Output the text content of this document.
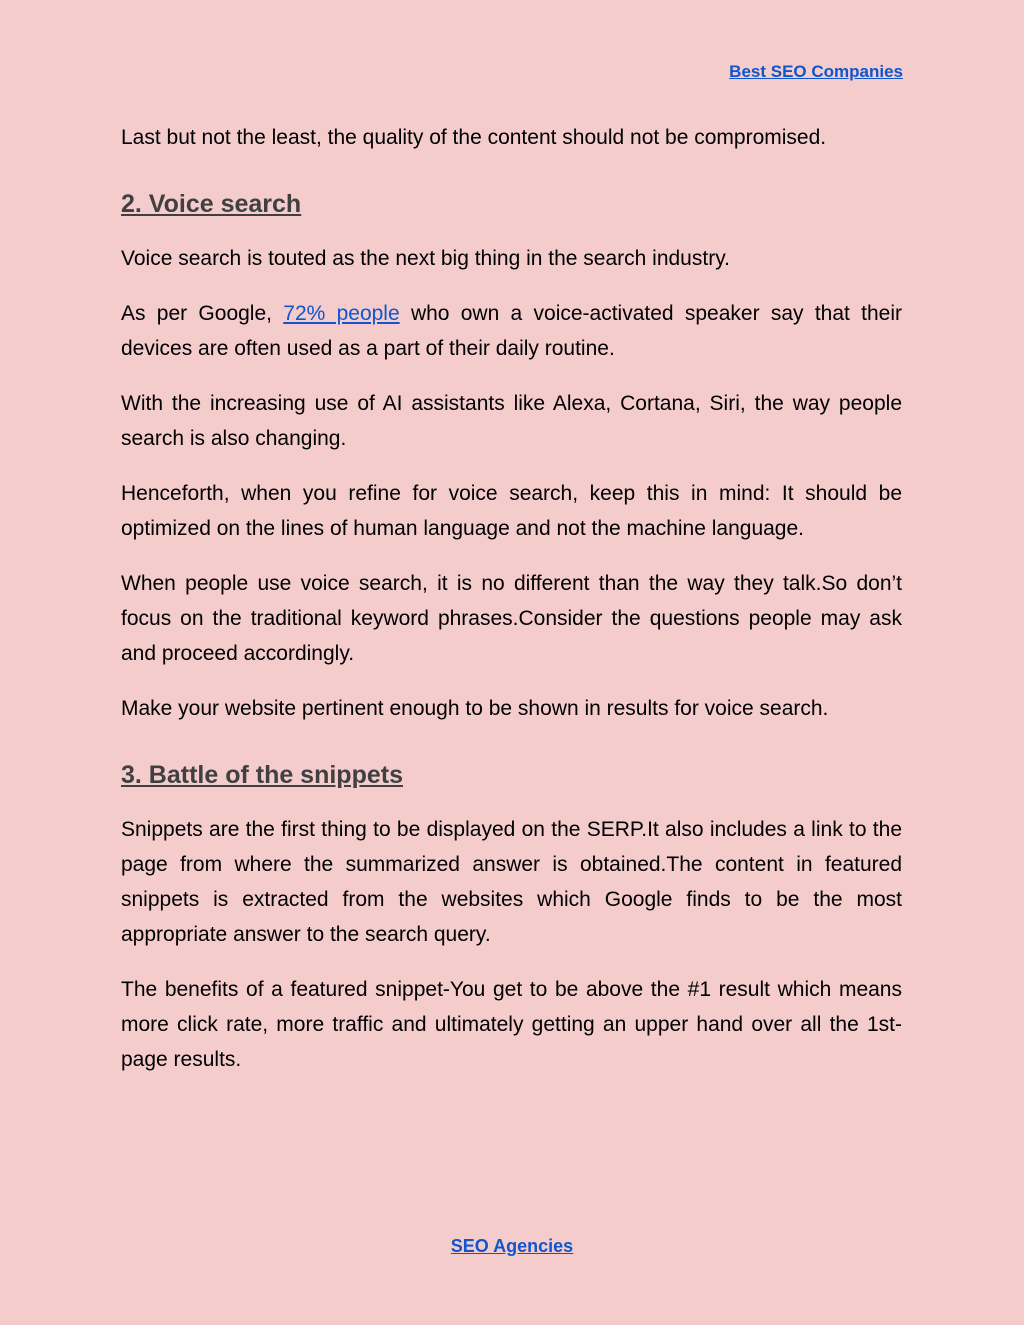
Best SEO Companies

Last but not the least, the quality of the content should not be compromised.

2. Voice search

Voice search is touted as the next big thing in the search industry.

As per Google, 72% people who own a voice-activated speaker say that their devices are often used as a part of their daily routine.

With the increasing use of AI assistants like Alexa, Cortana, Siri, the way people search is also changing.

Henceforth, when you refine for voice search, keep this in mind: It should be optimized on the lines of human language and not the machine language.

When people use voice search, it is no different than the way they talk.So don’t focus on the traditional keyword phrases.Consider the questions people may ask and proceed accordingly.

Make your website pertinent enough to be shown in results for voice search.

3. Battle of the snippets

Snippets are the first thing to be displayed on the SERP.It also includes a link to the page from where the summarized answer is obtained.The content in featured snippets is extracted from the websites which Google finds to be the most appropriate answer to the search query.

The benefits of a featured snippet-You get to be above the #1 result which means more click rate, more traffic and ultimately getting an upper hand over all the 1st-page results.

SEO Agencies
